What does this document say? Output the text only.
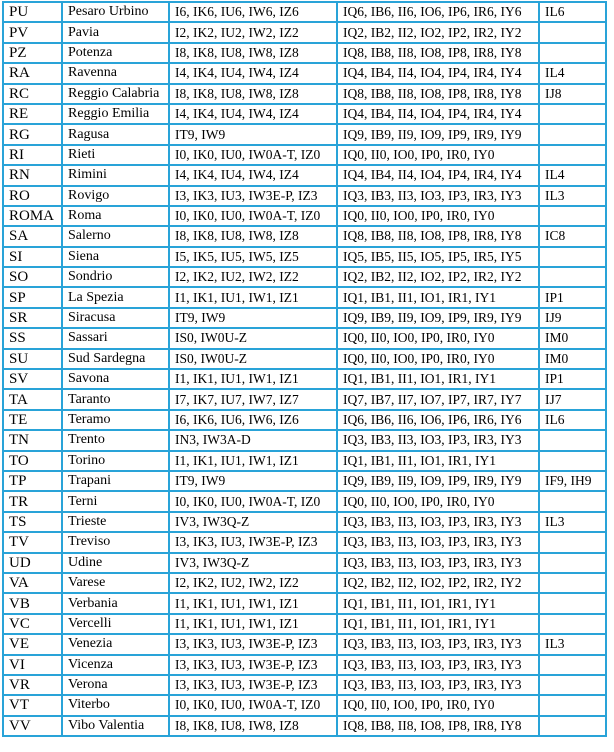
PU	Pesaro Urbino	I6, IK6, IU6, IW6, IZ6	IQ6, IB6, II6, IO6, IP6, IR6, IY6	IL6
PV	Pavia	I2, IK2, IU2, IW2, IZ2	IQ2, IB2, II2, IO2, IP2, IR2, IY2	
PZ	Potenza	I8, IK8, IU8, IW8, IZ8	IQ8, IB8, II8, IO8, IP8, IR8, IY8	
RA	Ravenna	I4, IK4, IU4, IW4, IZ4	IQ4, IB4, II4, IO4, IP4, IR4, IY4	IL4
RC	Reggio Calabria	I8, IK8, IU8, IW8, IZ8	IQ8, IB8, II8, IO8, IP8, IR8, IY8	IJ8
RE	Reggio Emilia	I4, IK4, IU4, IW4, IZ4	IQ4, IB4, II4, IO4, IP4, IR4, IY4	
RG	Ragusa	IT9, IW9	IQ9, IB9, II9, IO9, IP9, IR9, IY9	
RI	Rieti	I0, IK0, IU0, IW0A-T, IZ0	IQ0, II0, IO0, IP0, IR0, IY0	
RN	Rimini	I4, IK4, IU4, IW4, IZ4	IQ4, IB4, II4, IO4, IP4, IR4, IY4	IL4
RO	Rovigo	I3, IK3, IU3, IW3E-P, IZ3	IQ3, IB3, II3, IO3, IP3, IR3, IY3	IL3
ROMA	Roma	I0, IK0, IU0, IW0A-T, IZ0	IQ0, II0, IO0, IP0, IR0, IY0	
SA	Salerno	I8, IK8, IU8, IW8, IZ8	IQ8, IB8, II8, IO8, IP8, IR8, IY8	IC8
SI	Siena	I5, IK5, IU5, IW5, IZ5	IQ5, IB5, II5, IO5, IP5, IR5, IY5	
SO	Sondrio	I2, IK2, IU2, IW2, IZ2	IQ2, IB2, II2, IO2, IP2, IR2, IY2	
SP	La Spezia	I1, IK1, IU1, IW1, IZ1	IQ1, IB1, II1, IO1, IR1, IY1	IP1
SR	Siracusa	IT9, IW9	IQ9, IB9, II9, IO9, IP9, IR9, IY9	IJ9
SS	Sassari	IS0, IW0U-Z	IQ0, II0, IO0, IP0, IR0, IY0	IM0
SU	Sud Sardegna	IS0, IW0U-Z	IQ0, II0, IO0, IP0, IR0, IY0	IM0
SV	Savona	I1, IK1, IU1, IW1, IZ1	IQ1, IB1, II1, IO1, IR1, IY1	IP1
TA	Taranto	I7, IK7, IU7, IW7, IZ7	IQ7, IB7, II7, IO7, IP7, IR7, IY7	IJ7
TE	Teramo	I6, IK6, IU6, IW6, IZ6	IQ6, IB6, II6, IO6, IP6, IR6, IY6	IL6
TN	Trento	IN3, IW3A-D	IQ3, IB3, II3, IO3, IP3, IR3, IY3	
TO	Torino	I1, IK1, IU1, IW1, IZ1	IQ1, IB1, II1, IO1, IR1, IY1	
TP	Trapani	IT9, IW9	IQ9, IB9, II9, IO9, IP9, IR9, IY9	IF9, IH9
TR	Terni	I0, IK0, IU0, IW0A-T, IZ0	IQ0, II0, IO0, IP0, IR0, IY0	
TS	Trieste	IV3, IW3Q-Z	IQ3, IB3, II3, IO3, IP3, IR3, IY3	IL3
TV	Treviso	I3, IK3, IU3, IW3E-P, IZ3	IQ3, IB3, II3, IO3, IP3, IR3, IY3	
UD	Udine	IV3, IW3Q-Z	IQ3, IB3, II3, IO3, IP3, IR3, IY3	
VA	Varese	I2, IK2, IU2, IW2, IZ2	IQ2, IB2, II2, IO2, IP2, IR2, IY2	
VB	Verbania	I1, IK1, IU1, IW1, IZ1	IQ1, IB1, II1, IO1, IR1, IY1	
VC	Vercelli	I1, IK1, IU1, IW1, IZ1	IQ1, IB1, II1, IO1, IR1, IY1	
VE	Venezia	I3, IK3, IU3, IW3E-P, IZ3	IQ3, IB3, II3, IO3, IP3, IR3, IY3	IL3
VI	Vicenza	I3, IK3, IU3, IW3E-P, IZ3	IQ3, IB3, II3, IO3, IP3, IR3, IY3	
VR	Verona	I3, IK3, IU3, IW3E-P, IZ3	IQ3, IB3, II3, IO3, IP3, IR3, IY3	
VT	Viterbo	I0, IK0, IU0, IW0A-T, IZ0	IQ0, II0, IO0, IP0, IR0, IY0	
VV	Vibo Valentia	I8, IK8, IU8, IW8, IZ8	IQ8, IB8, II8, IO8, IP8, IR8, IY8	
